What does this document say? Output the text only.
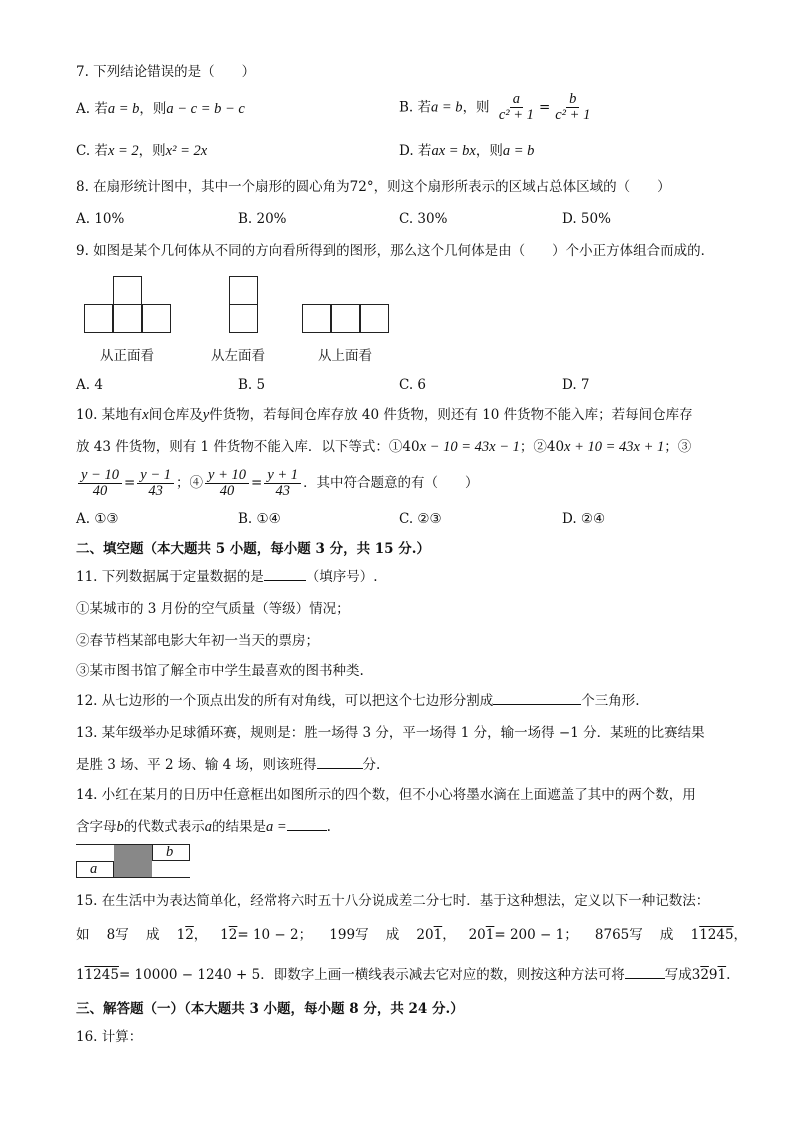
7. 下列结论错误的是（　　）
A. 若a = b，则a − c = b − c	B. 若a = b，则 $\frac{a}{\text{c² + 1}} = \frac{b}{\text{c² + 1}}$
C. 若x = 2，则x² = 2x	D. 若ax = bx，则a = b
8. 在扇形统计图中，其中一个扇形的圆心角为72°，则这个扇形所表示的区域占总体区域的（　　）
A. 10%	B. 20%	C. 30%	D. 50%
9. 如图是某个几何体从不同的方向看所得到的图形，那么这个几何体是由（　　）个小正方体组合而成的．
从正面看	从左面看	从上面看
A. 4	B. 5	C. 6	D. 7
10. 某地有x间仓库及y件货物，若每间仓库存放 40 件货物，则还有 10 件货物不能入库；若每间仓库存
放 43 件货物，则有 1 件货物不能入库．以下等式：①40x − 10 = 43x − 1；②40x + 10 = 43x + 1；③
$\frac{y - 10}{40} = \frac{y - 1}{43}$ ；④ $\frac{y + 10}{40} = \frac{y + 1}{43}$ ．其中符合题意的有（　　）
A. ①③	B. ①④	C. ②③	D. ②④
二、填空题（本大题共 5 小题，每小题 3 分，共 15 分.）
11. 下列数据属于定量数据的是	（填序号）.
①某城市的 3 月份的空气质量（等级）情况；
②春节档某部电影大年初一当天的票房；
③某市图书馆了解全市中学生最喜欢的图书种类.
12. 从七边形的一个顶点出发的所有对角线，可以把这个七边形分割成	个三角形.
13. 某年级举办足球循环赛，规则是：胜一场得 3 分，平一场得 1 分，输一场得 −1 分．某班的比赛结果
是胜 3 场、平 2 场、输 4 场，则该班得	分.
14. 小红在某月的日历中任意框出如图所示的四个数，但不小心将墨水滴在上面遮盖了其中的两个数，用
含字母b的代数式表示a的结果是a =	.
b
a
15. 在生活中为表达简单化，经常将六时五十八分说成差二分七时．基于这种想法，定义以下一种记数法：
如 8写 成 12， 12= 10 − 2； 199写 成 201， 201= 200 − 1； 8765写 成 11245，
11245= 10000 − 1240 + 5．即数字上画一横线表示减去它对应的数，则按这种方法可将	写成3291.
三、解答题（一）（本大题共 3 小题，每小题 8 分，共 24 分.）
16. 计算：
